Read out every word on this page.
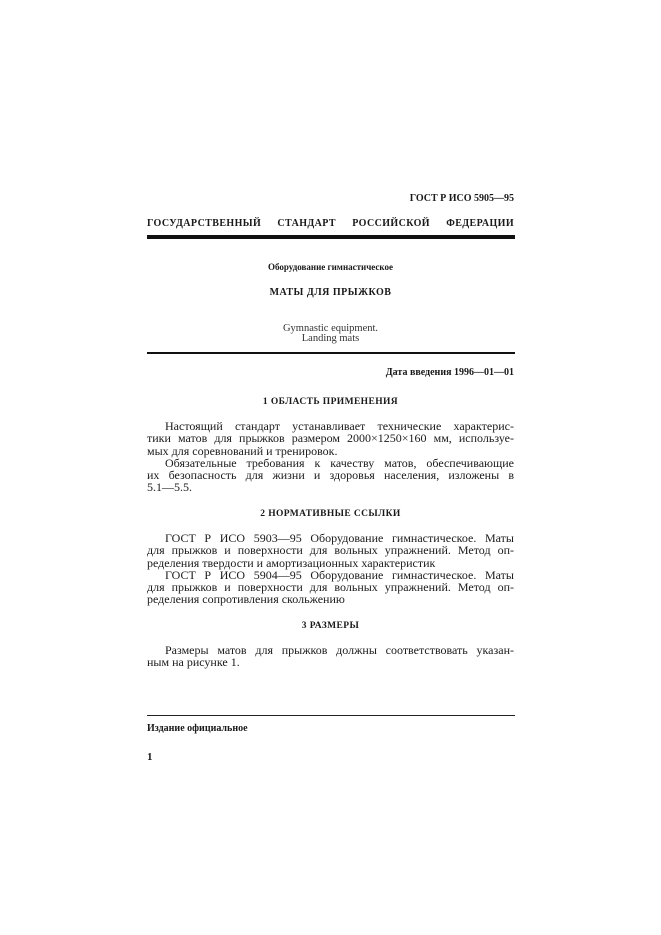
ГОСТ Р ИСО 5905—95
ГОСУДАРСТВЕННЫЙ СТАНДАРТ РОССИЙСКОЙ ФЕДЕРАЦИИ
Оборудование гимнастическое
МАТЫ ДЛЯ ПРЫЖКОВ
Gymnastic equipment.
Landing mats
Дата введения 1996—01—01
1 ОБЛАСТЬ ПРИМЕНЕНИЯ
Настоящий стандарт устанавливает технические характерис-
тики матов для прыжков размером 2000×1250×160 мм, используе-
мых для соревнований и тренировок.
Обязательные требования к качеству матов, обеспечивающие
их безопасность для жизни и здоровья населения, изложены в
5.1—5.5.
2 НОРМАТИВНЫЕ ССЫЛКИ
ГОСТ Р ИСО 5903—95 Оборудование гимнастическое. Маты
для прыжков и поверхности для вольных упражнений. Метод оп-
ределения твердости и амортизационных характеристик
ГОСТ Р ИСО 5904—95 Оборудование гимнастическое. Маты
для прыжков и поверхности для вольных упражнений. Метод оп-
ределения сопротивления скольжению
3 РАЗМЕРЫ
Размеры матов для прыжков должны соответствовать указан-
ным на рисунке 1.
Издание официальное
1
